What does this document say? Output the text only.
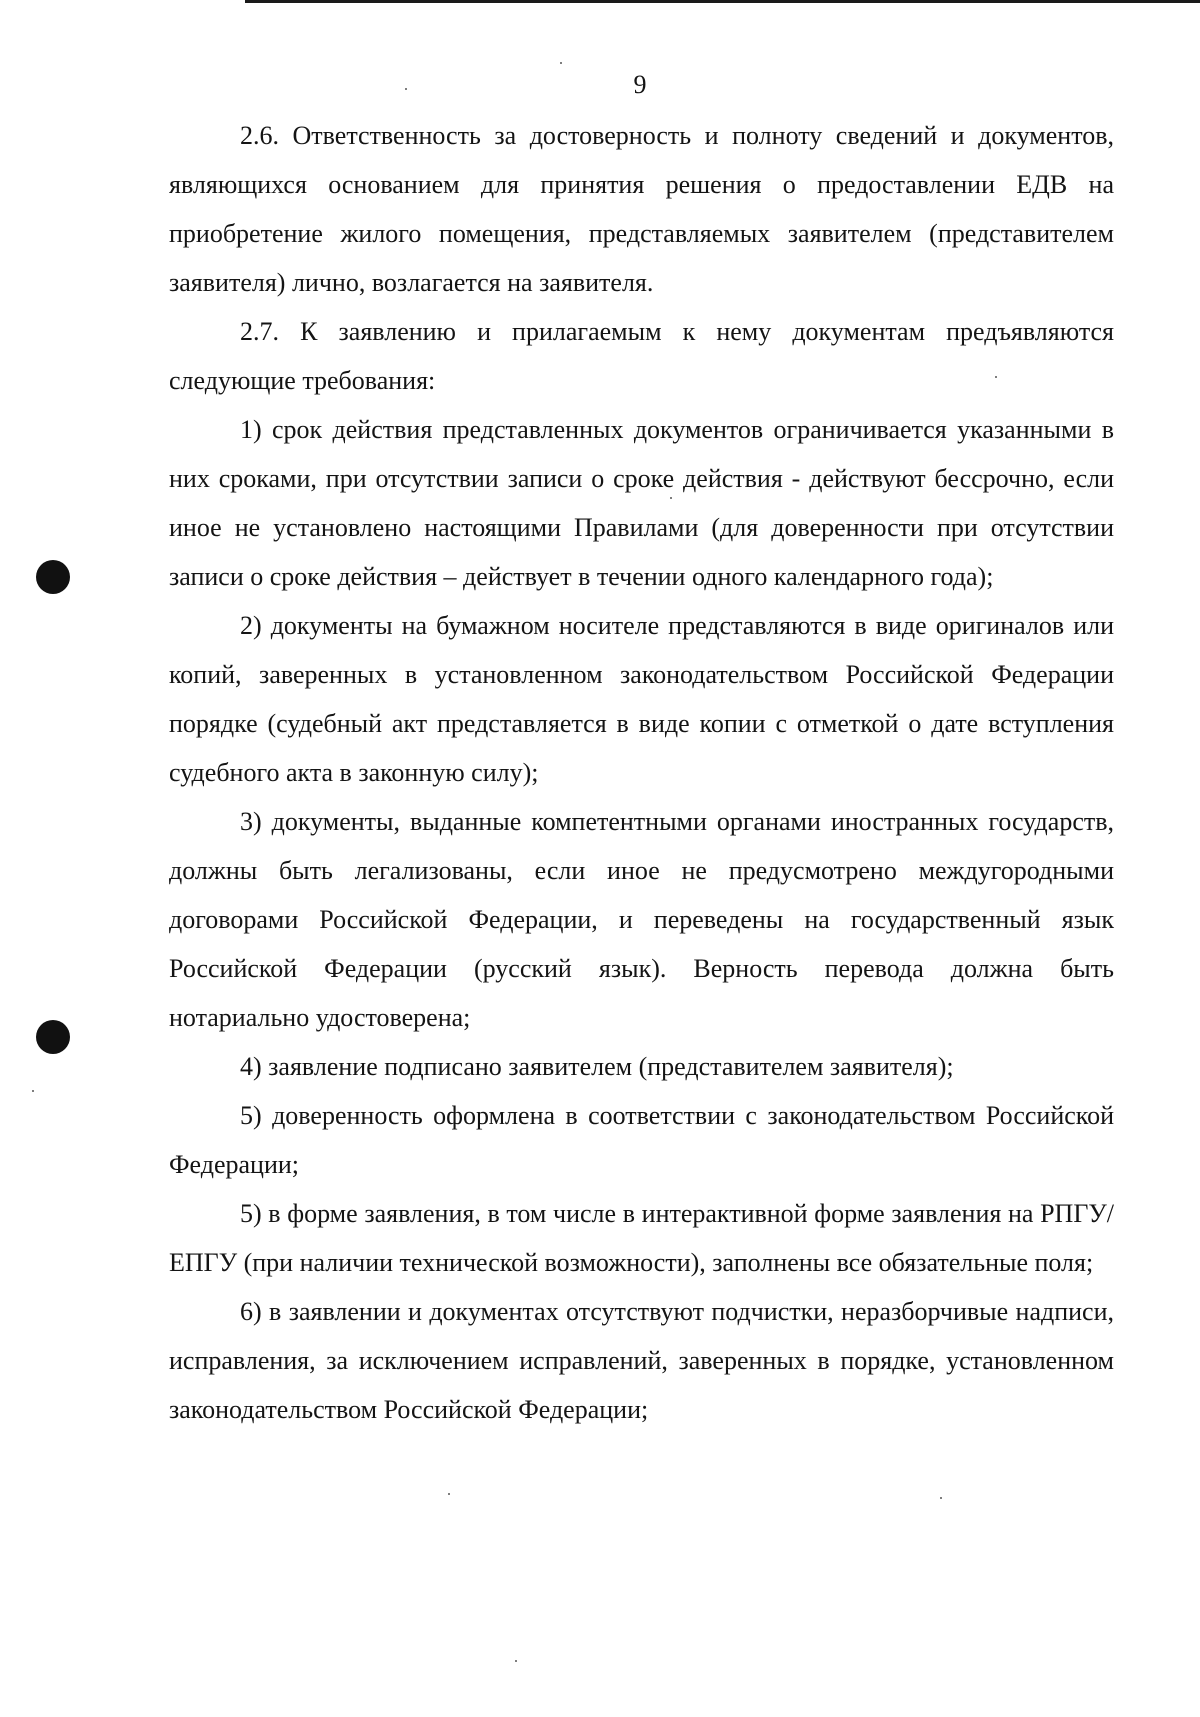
9

2.6. Ответственность за достоверность и полноту сведений и документов, являющихся основанием для принятия решения о предоставлении ЕДВ на приобретение жилого помещения, представляемых заявителем (представителем заявителя) лично, возлагается на заявителя.

2.7. К заявлению и прилагаемым к нему документам предъявляются следующие требования:

1) срок действия представленных документов ограничивается указанными в них сроками, при отсутствии записи о сроке действия - действуют бессрочно, если иное не установлено настоящими Правилами (для доверенности при отсутствии записи о сроке действия – действует в течении одного календарного года);

2) документы на бумажном носителе представляются в виде оригиналов или копий, заверенных в установленном законодательством Российской Федерации порядке (судебный акт представляется в виде копии с отметкой о дате вступления судебного акта в законную силу);

3) документы, выданные компетентными органами иностранных государств, должны быть легализованы, если иное не предусмотрено междугородными договорами Российской Федерации, и переведены на государственный язык Российской Федерации (русский язык). Верность перевода должна быть нотариально удостоверена;

4) заявление подписано заявителем (представителем заявителя);

5) доверенность оформлена в соответствии с законодательством Российской Федерации;

5) в форме заявления, в том числе в интерактивной форме заявления на РПГУ/ЕПГУ (при наличии технической возможности), заполнены все обязательные поля;

6) в заявлении и документах отсутствуют подчистки, неразборчивые надписи, исправления, за исключением исправлений, заверенных в порядке, установленном законодательством Российской Федерации;
